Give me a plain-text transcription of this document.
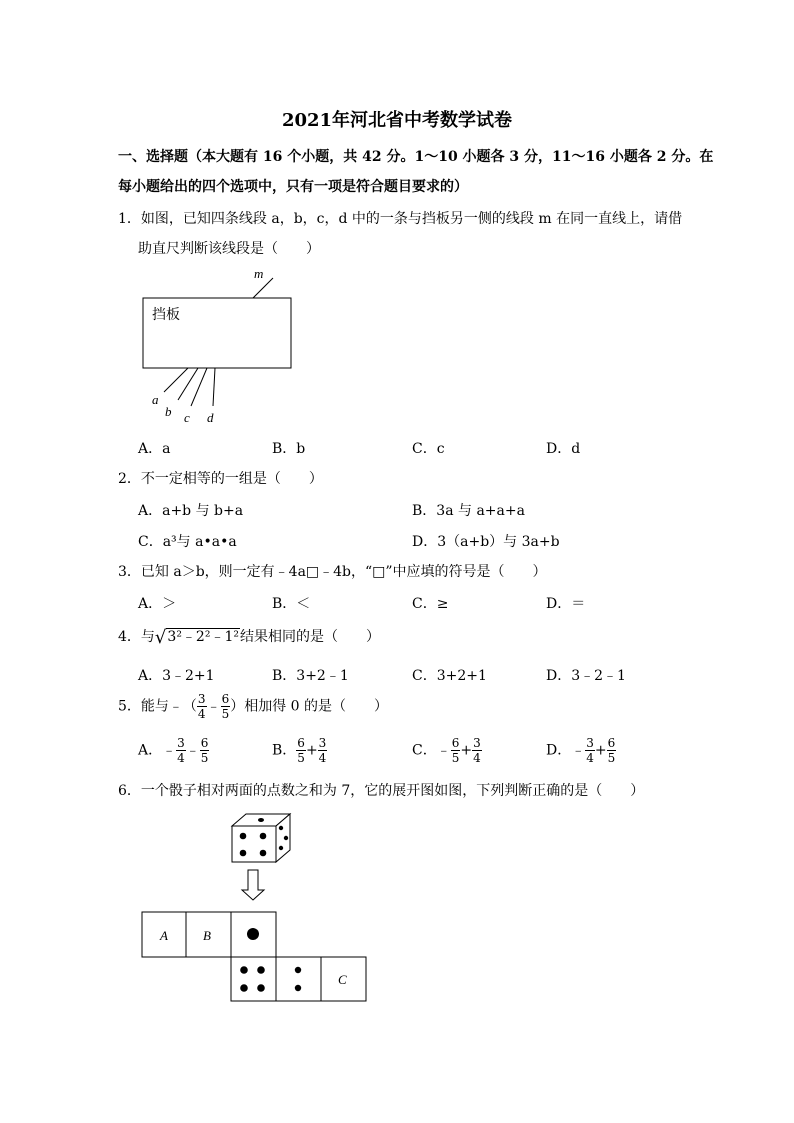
2021年河北省中考数学试卷
一、选择题（本大题有 16 个小题，共 42 分。1～10 小题各 3 分，11～16 小题各 2 分。在
每小题给出的四个选项中，只有一项是符合题目要求的）
1．如图，已知四条线段 a，b，c，d 中的一条与挡板另一侧的线段 m 在同一直线上，请借
助直尺判断该线段是（　　）
m
挡板
a
b c d
A．a	B．b	C．c	D．d
2．不一定相等的一组是（　　）
A．a+b 与 b+a	B．3a 与 a+a+a
C．a³与 a•a•a	D．3（a+b）与 3a+b
3．已知 a＞b，则一定有﹣4a□﹣4b，“□”中应填的符号是（　　）
A．＞	B．＜	C．≥	D．＝
4．与√3²﹣2²﹣1²结果相同的是（　　）
A．3﹣2+1	B．3+2﹣1	C．3+2+1	D．3﹣2﹣1
5．能与﹣（ $\frac{3}{4}$ ﹣ $\frac{6}{5}$ ）相加得 0 的是（　　）
A．﹣ $\frac{3}{4}$ ﹣ $\frac{6}{5}$	B． $\frac{6}{5} + \frac{3}{4}$	C．﹣ $\frac{6}{5} + \frac{3}{4}$	D．﹣ $\frac{3}{4} + \frac{6}{5}$
6．一个骰子相对两面的点数之和为 7，它的展开图如图，下列判断正确的是（　　）
A	B
C
